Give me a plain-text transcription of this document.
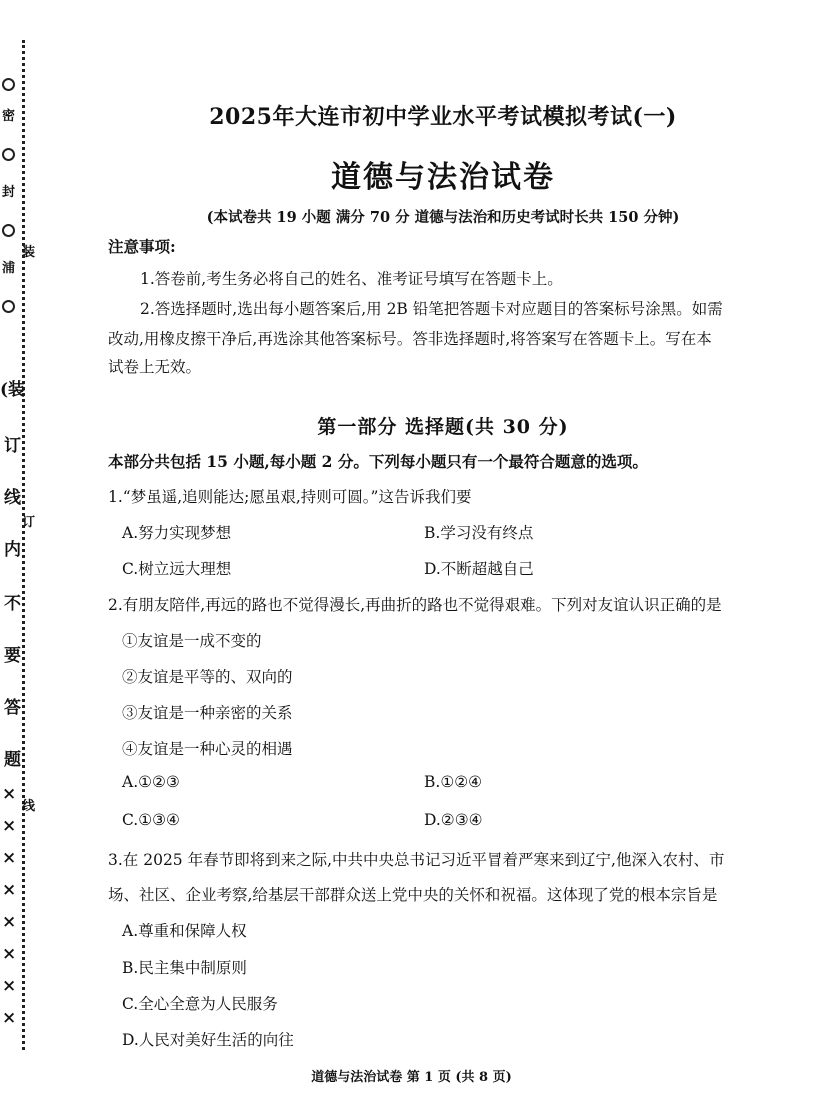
密
封
装
浦
(装
订
线
订
内
不
要
答
题
线
×
×
×
×
×
×
×
×
2025年大连市初中学业水平考试模拟考试(一)
道德与法治试卷
(本试卷共 19 小题 满分 70 分 道德与法治和历史考试时长共 150 分钟)
注意事项:
1.答卷前,考生务必将自己的姓名、准考证号填写在答题卡上。
2.答选择题时,选出每小题答案后,用 2B 铅笔把答题卡对应题目的答案标号涂黑。如需
改动,用橡皮擦干净后,再选涂其他答案标号。答非选择题时,将答案写在答题卡上。写在本
试卷上无效。
第一部分 选择题(共 30 分)
本部分共包括 15 小题,每小题 2 分。下列每小题只有一个最符合题意的选项。
1.“梦虽遥,追则能达;愿虽艰,持则可圆。”这告诉我们要
A.努力实现梦想	B.学习没有终点
C.树立远大理想	D.不断超越自己
2.有朋友陪伴,再远的路也不觉得漫长,再曲折的路也不觉得艰难。下列对友谊认识正确的是
①友谊是一成不变的
②友谊是平等的、双向的
③友谊是一种亲密的关系
④友谊是一种心灵的相遇
A.①②③	B.①②④
C.①③④	D.②③④
3.在 2025 年春节即将到来之际,中共中央总书记习近平冒着严寒来到辽宁,他深入农村、市
场、社区、企业考察,给基层干部群众送上党中央的关怀和祝福。这体现了党的根本宗旨是
A.尊重和保障人权
B.民主集中制原则
C.全心全意为人民服务
D.人民对美好生活的向往
道德与法治试卷 第 1 页 (共 8 页)
